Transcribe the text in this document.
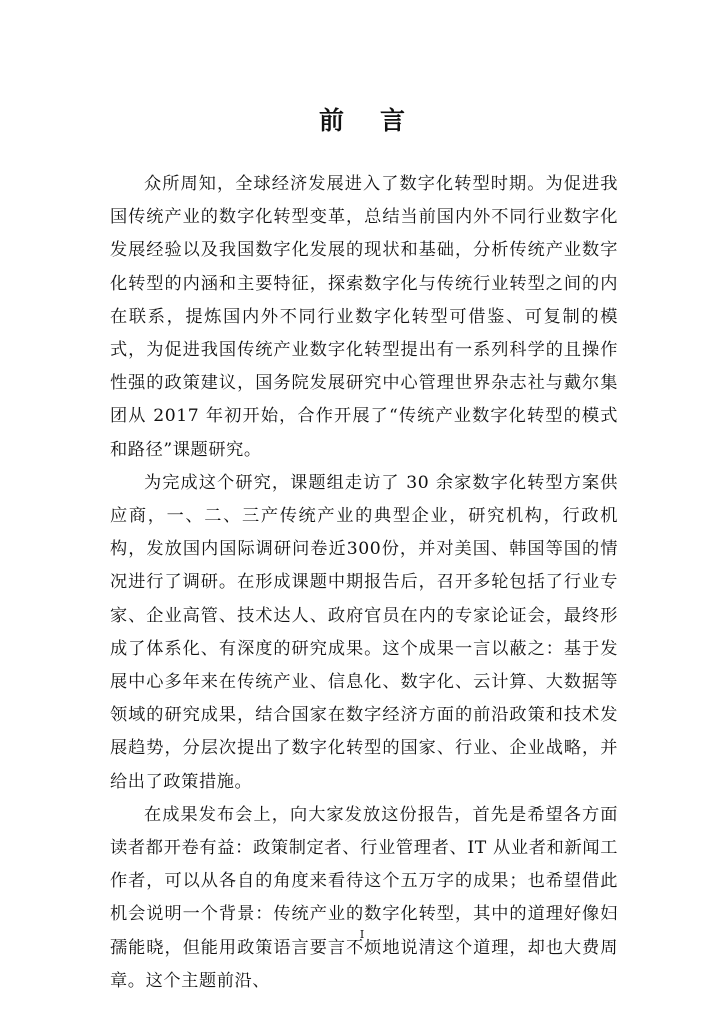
前 言

众所周知，全球经济发展进入了数字化转型时期。为促进我国传统产业的数字化转型变革，总结当前国内外不同行业数字化发展经验以及我国数字化发展的现状和基础，分析传统产业数字化转型的内涵和主要特征，探索数字化与传统行业转型之间的内在联系，提炼国内外不同行业数字化转型可借鉴、可复制的模式，为促进我国传统产业数字化转型提出有一系列科学的且操作性强的政策建议，国务院发展研究中心管理世界杂志社与戴尔集团从 2017 年初开始，合作开展了“传统产业数字化转型的模式和路径”课题研究。

为完成这个研究，课题组走访了 30 余家数字化转型方案供应商，一、二、三产传统产业的典型企业，研究机构，行政机构，发放国内国际调研问卷近300份，并对美国、韩国等国的情况进行了调研。在形成课题中期报告后，召开多轮包括了行业专家、企业高管、技术达人、政府官员在内的专家论证会，最终形成了体系化、有深度的研究成果。这个成果一言以蔽之：基于发展中心多年来在传统产业、信息化、数字化、云计算、大数据等领域的研究成果，结合国家在数字经济方面的前沿政策和技术发展趋势，分层次提出了数字化转型的国家、行业、企业战略，并给出了政策措施。

在成果发布会上，向大家发放这份报告，首先是希望各方面读者都开卷有益：政策制定者、行业管理者、IT 从业者和新闻工作者，可以从各自的角度来看待这个五万字的成果；也希望借此机会说明一个背景：传统产业的数字化转型，其中的道理好像妇孺能晓，但能用政策语言要言不烦地说清这个道理，却也大费周章。这个主题前沿、

I
